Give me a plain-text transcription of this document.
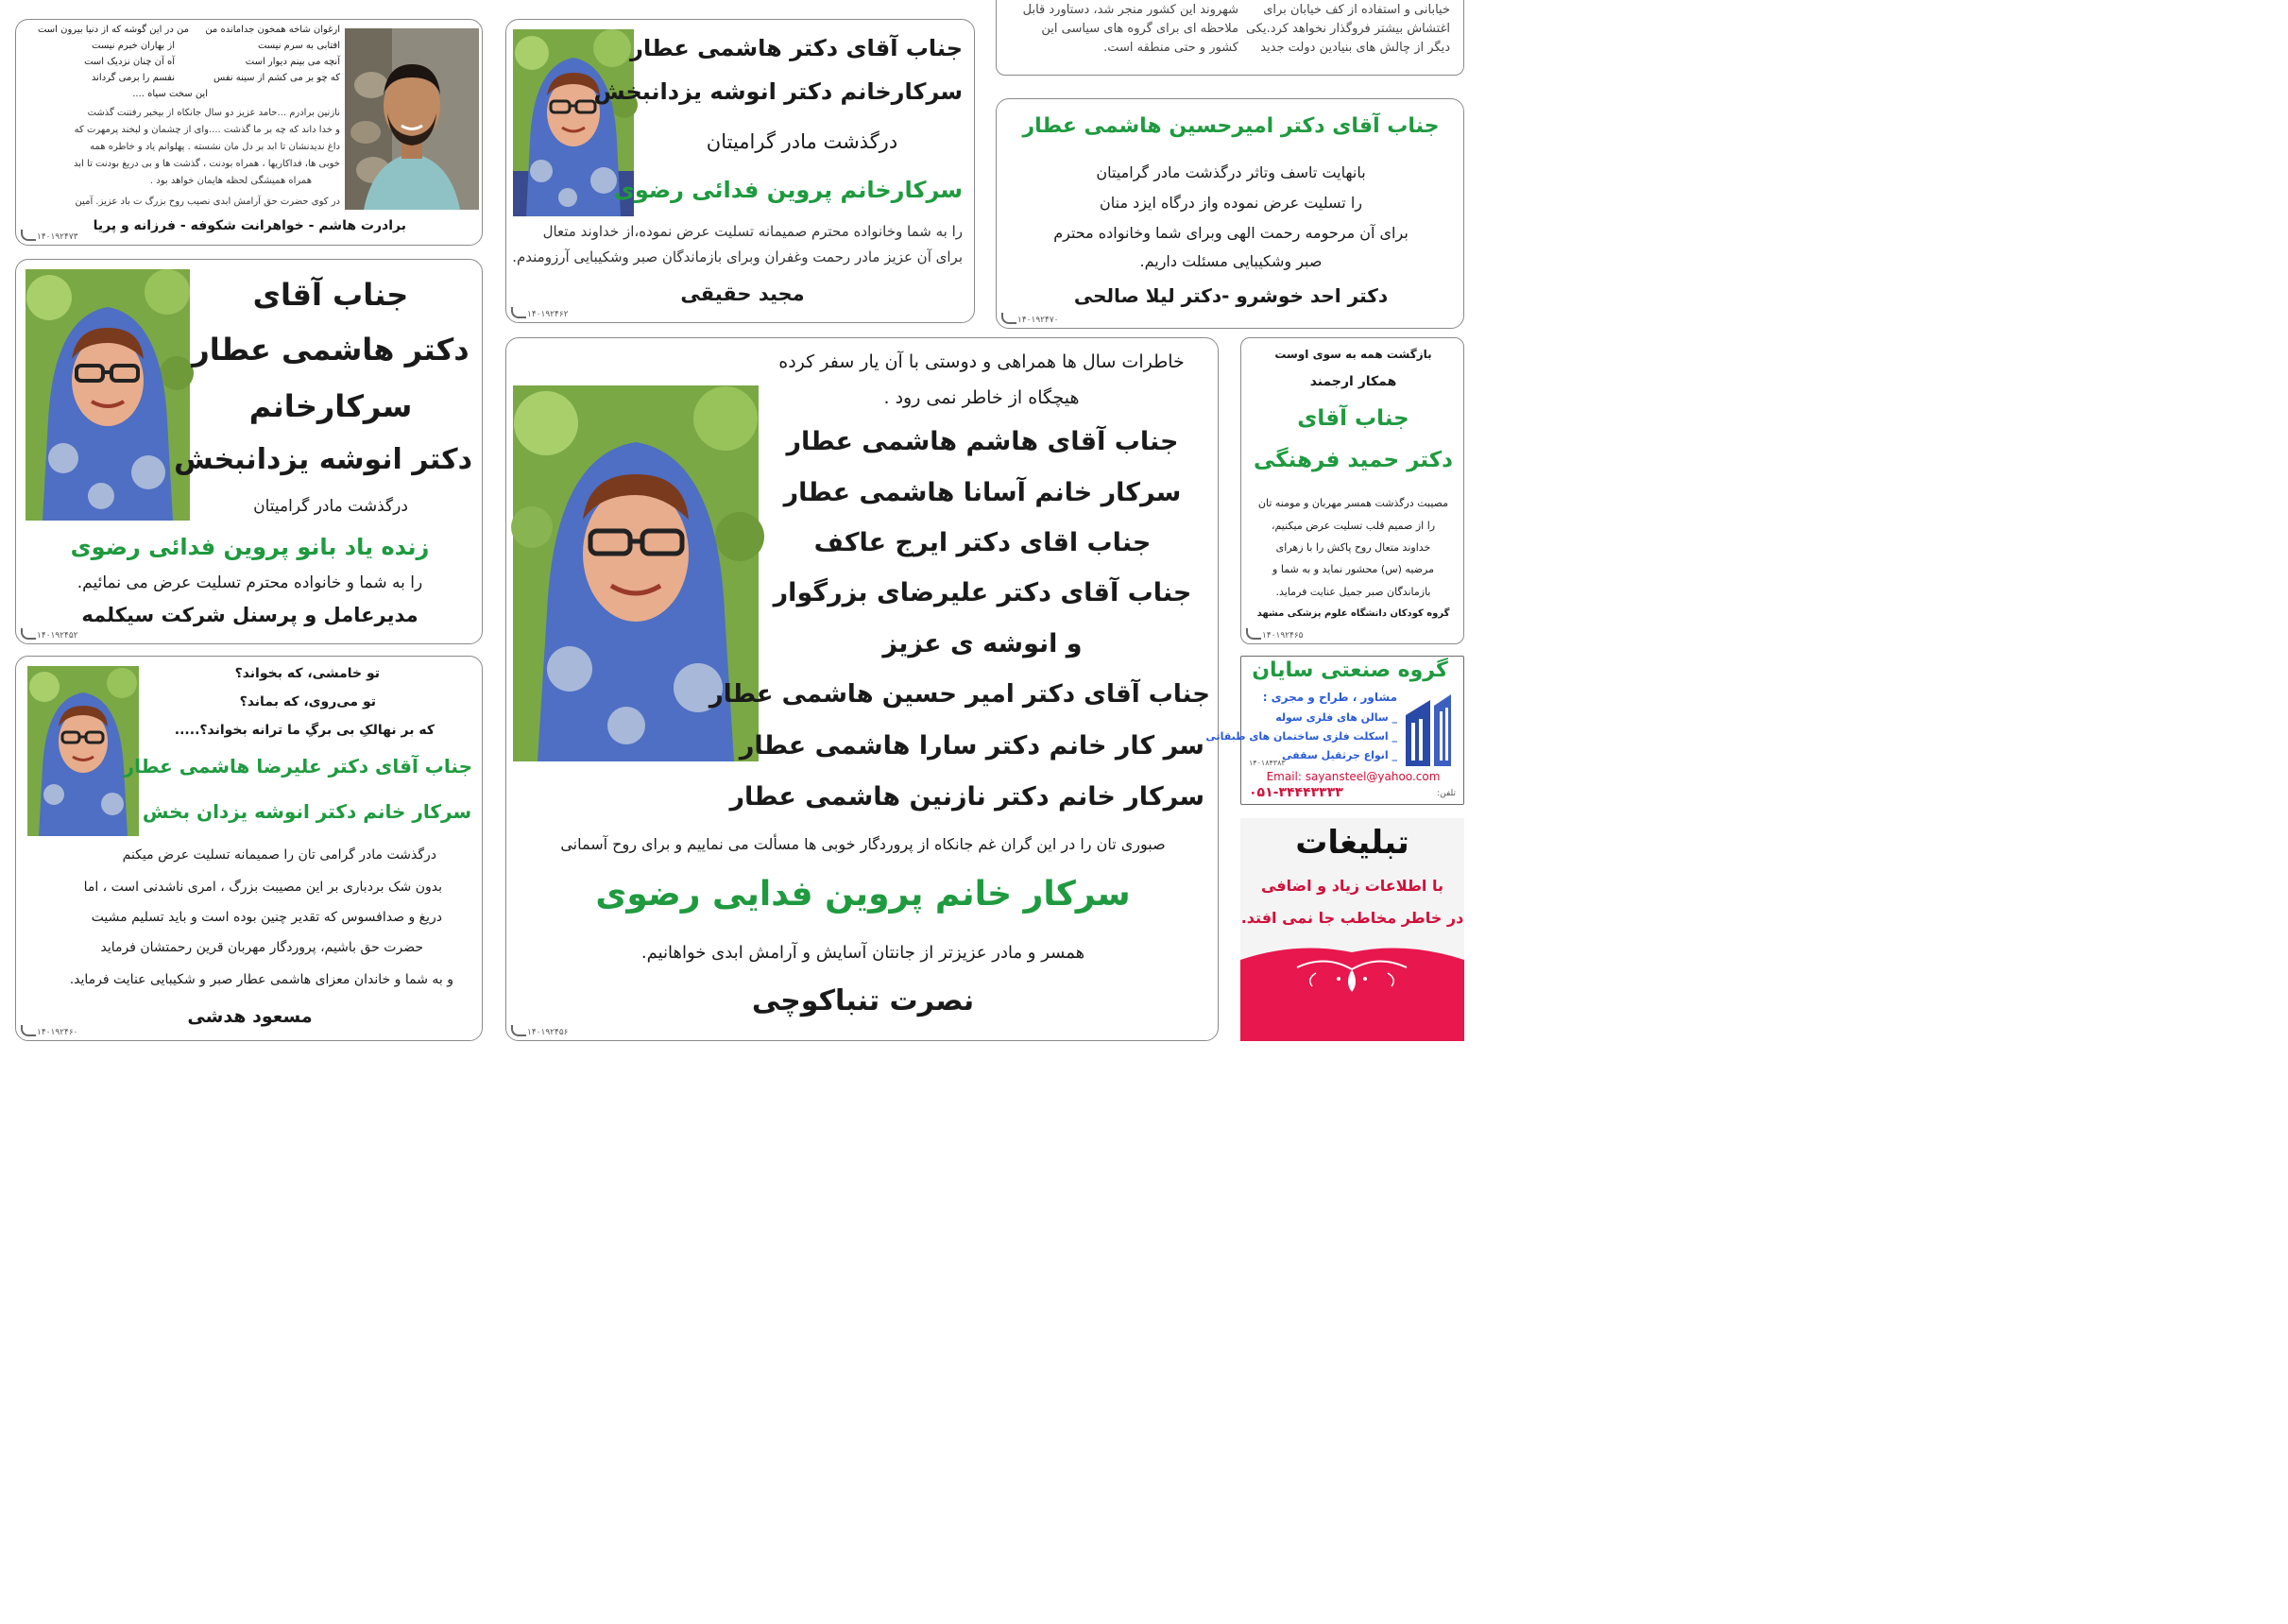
خیابانی و استفاده از کف خیابان برای
اغتشاش بیشتر فروگذار نخواهد کرد.یکی
دیگر از چالش های بنیادین دولت جدید
شهروند این کشور منجر شد، دستاورد قابل
ملاحظه ای برای گروه های سیاسی این
کشور و حتی منطقه است.
ارغوان شاخه همخون جدامانده من
افتابی به سرم نیست
آنچه می بینم دیوار است
که چو بر می کشم از سینه نفس
من در این گوشه که از دنیا بیرون است
از بهاران خبرم نیست
آه آن چنان نزدیک است
نفسم را برمی گرداند
این سخت سیاه ....
نازنین برادرم ...حامد عزیز دو سال جانکاه از بیخبر رفتنت گذشت
و خدا داند که چه بر ما گذشت ....وای از چشمان و لبخند پرمهرت که
داغ ندیدنشان تا ابد بر دل مان نشسته . پهلوانم یاد و خاطره همه
خوبی ها، فداکاریها ، همراه بودنت ، گذشت ها و بی دریغ بودنت تا ابد
همراه همیشگی لحظه هایمان خواهد بود .
در کوی حضرت حق آرامش ابدی نصیب روح بزرگ ت باد عزیز. آمین
برادرت هاشم - خواهرانت شکوفه - فرزانه و پریا
۱۴۰۱۹۲۴۷۳
جناب آقای دکتر هاشمی عطار
سرکارخانم دکتر انوشه یزدانبخش
درگذشت مادر گرامیتان
سرکارخانم پروین فدائی رضوی
را به شما وخانواده محترم صمیمانه تسلیت عرض نموده،از خداوند متعال
برای آن عزیز مادر رحمت وغفران وبرای بازماندگان صبر وشکیبایی آرزومندم.
مجید حقیقی
۱۴۰۱۹۲۴۶۲
جناب آقای دکتر امیرحسین هاشمی عطار
بانهایت تاسف وتاثر درگذشت مادر گرامیتان
را تسلیت عرض نموده واز درگاه ایزد منان
برای آن مرحومه رحمت الهی وبرای شما وخانواده محترم
صبر وشکیبایی مسئلت داریم.
دکتر احد خوشرو -دکتر لیلا صالحی
۱۴۰۱۹۲۴۷۰
جناب آقای
دکتر هاشمی عطار
سرکارخانم
دکتر انوشه یزدانبخش
درگذشت مادر گرامیتان
زنده یاد بانو پروین فدائی رضوی
را به شما و خانواده محترم تسلیت عرض می نمائیم.
مدیرعامل و پرسنل شرکت سیکلمه
۱۴۰۱۹۲۴۵۲
خاطرات سال ها همراهی و دوستی با آن یار سفر کرده
هیچگاه از خاطر نمی رود .
جناب آقای هاشم هاشمی عطار
سرکار خانم آسانا هاشمی عطار
جناب اقای دکتر ایرج عاکف
جناب آقای دکتر علیرضای بزرگوار
و انوشه ی عزیز
جناب آقای دکتر امیر حسین هاشمی عطار
سر کار خانم دکتر سارا هاشمی عطار
سرکار خانم دکتر نازنین هاشمی عطار
صبوری تان را در این گران غم جانکاه از پروردگار خوبی ها مسألت می نماییم و برای روح آسمانی
سرکار خانم پروین فدایی رضوی
همسر و مادر عزیزتر از جانتان آسایش و آرامش ابدی خواهانیم.
نصرت تنباکوچی
۱۴۰۱۹۲۴۵۶
بازگشت همه به سوی اوست
همکار ارجمند
جناب آقای
دکتر حمید فرهنگی
مصیبت درگذشت همسر مهربان و مومنه تان
را از صمیم قلب تسلیت عرض میکنیم،
خداوند متعال روح پاکش را با زهرای
مرضیه (س) محشور نماید و به شما و
بازماندگان صبر جمیل عنایت فرماید.
گروه کودکان دانشگاه علوم پزشکی مشهد
۱۴۰۱۹۲۴۶۵
تو خامشی، که بخواند؟
تو می‌روی، که بماند؟
که بر نهالکِ بی برگِ ما ترانه بخواند؟.....
جناب آقای دکتر علیرضا هاشمی عطار
سرکار خانم دکتر انوشه یزدان بخش
درگذشت مادر گرامی تان را صمیمانه تسلیت عرض میکنم
بدون شک بردباری بر این مصیبت بزرگ ، امری ناشدنی است ، اما
دریغ و صدافسوس که تقدیر چنین بوده است و باید تسلیم مشیت
حضرت حق باشیم، پروردگار مهربان قرین رحمتشان فرماید
و به شما و خاندان معزای هاشمی عطار صبر و شکیبایی عنایت فرماید.
مسعود هدشی
۱۴۰۱۹۲۴۶۰
گروه صنعتی سایان
مشاور ، طراح و مجری :
_ سالن های فلزی سوله
_ اسکلت فلزی ساختمان های طبقاتی
_ انواع جرثقیل سقفی
۱۴۰۱۸۴۳۸۳
Email: sayansteel@yahoo.com
تلفن:
۰۵۱-۳۴۴۴۳۳۳۳
تبلیغات
با اطلاعات زیاد و اضافی
در خاطر مخاطب جا نمی افتد.
